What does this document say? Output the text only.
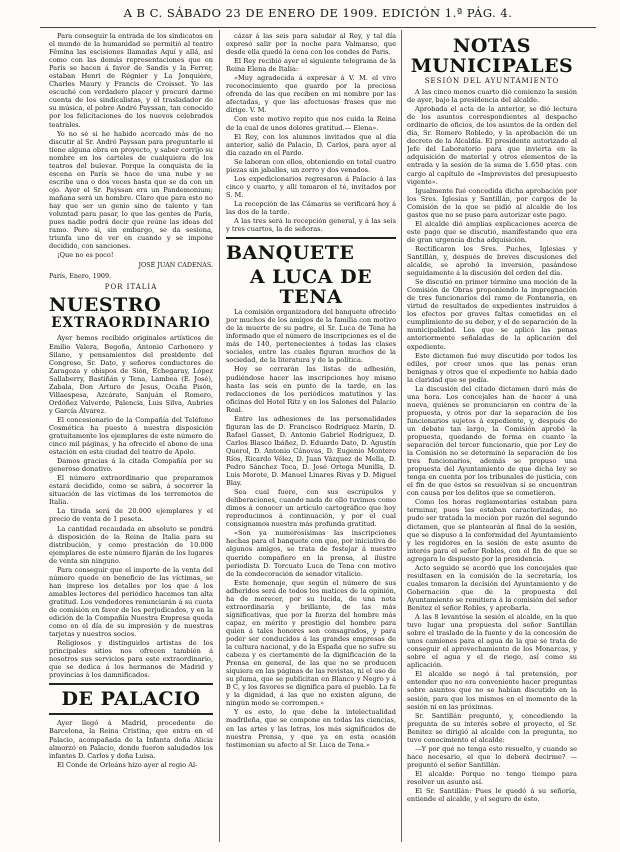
A B C. SÁBADO 23 DE ENERO DE 1909. EDICIÓN 1.ª PÁG. 4.

Para conseguir la entrada de los sindicatos en el mundo de la humanidad se permitió al teatro Fémina las escisiones llamadas Aquí y allá, así como con las demás representaciones que en París se hacen á favor de Sandis y la Ferrer, estaban Henri de Régnier y La Jonquière, Charles Maury y Francis de Croisset. Yo las escuché con verdadero placer y procuré darme cuenta de los sindicalistas, y el trasladador de su música, el pobre André Payssan, tan conocido por los felicitaciones de los nuevos celebrados teatrales.

Yo no sé si he habido acercado más de no discutir al Sr. André Payssan para preguntarle si tiene alguna obra en proyecto, y saber corrijo su nombre en los carteles de cualquiera de los teatros del bulevar. Porque la conquista de la escena en París se hace de una nube y se escribe una o dos veces hasta que se da con un ojo. Ayer el Sr. Payssan era un Pandemonium; mañana será un hombre. Claro que para esto no hay que ser un genio sino de talento y tan voluntad para pasar, lo que las gentes de París, pues nadie podrá decir que reúne las ideas del ramo. Pero si, sin embargo, se da sesiona, triunfa uno de ver en cuando y se impone decidido, con sanciones.

¡Que no es poco!

JOSÉ JUAN CADENAS.
París, Enero, 1909.
POR ITALIA
NUESTRO
EXTRAORDINARIO

Ayer hemos recibido originales artísticos de Emilio Valera, Begoña, Antonio Carbonero y Silano, y pensamientos del presidente del Congreso, Sr. Dato, y señores conductores de Zaragoza y obispos de Sión, Echegaray, López Sallaberry, Bastiñán y Tena, Lambea (E. José), Zabala, Don Arturo de Jesus, Ocaña Pisón, Villaespesa, Azcárate, Sanjuán el Romero, Ordóñez Valverde, Palencia, Luis Silva, Aubries y García Álvarez.

El concesionario de la Compañía del Teléfono Cosmética ha puesto á nuestra disposición gratuitamente los ejemplares de este número de cinco mil páginas, y ha ofrecido el abono de una estación en esta ciudad del teatro de Apolo.

Damos gracias á la citada Compañía por su generoso donativo.

El número extraordinario que preparamos estará decidido, como se sabrá, á socorrer la situación de las víctimas de los terremotos de Italia.

La tirada será de 20.000 ejemplares y el precio de venta de 1 peseta.

La cantidad recaudada en absoluto se pondrá á disposición de la Reina de Italia para su distribución, y como prestación de 10.000 ejemplares de este número fijarán de los lugares de venta sin ninguno.

Para conseguir que el importe de la venta del número quede en beneficio de las víctimas, se han impreso los detalles por los que á los amables lectores del periódico hacemos tan alta gratitud. Los vendedores renunciarán á su cuota de comisión en favor de los perjudicados, y en la edición de la Compañía Nuestra Empresa queda como en el día de su impresión y de nuestras tarjetas y nuestros socios.

Religiosos y distinguidos artistas de los principales sitios nos ofrecen también á nosotros sus servicios para este extraordinario, que se dedica á los hermanos de Madrid y provincias á los damnificados.

DE PALACIO

Ayer llegó á Madrid, procedente de Barcelona, la Reina Cristina, que entra en el Palacio, acompañada de la Infanta doña Alicia almorzó en Palacio, donde fueron saludados los infantes D. Carlos y doña Luisa.

El Conde de Orleáns hizo ayer al regio Al-

cázar á las seis para saludar al Rey, y tal día expresó salir por la noche para Valmanso, que desde ella quedó la cena con los condes de Paris.

El Rey recibió ayer el siguiente telegrama de la Reina Elena de Italia:

«Muy agradecida á expresar á V. M. el vivo reconocimiento que guardo por la preciosa ofrenda de las que reciben en mi nombre por las afectadas, y que las afectuosas frases que me dirige. V. M.

Con este motivo repito que nos cuida la Reina de la cual de unos dolores gratitud.— Elena».

El Rey, con los alumnos invitados que al día anterior, salió de Palacio, D. Carlos, para ayer al día cazado en el Pardo.

Se laboran con ellos, obteniendo en total cuatro piezas sin jabalíes, un zorro y dos venados.

Los expedicionarios regresaron á Palacio á las cinco y cuarto, y allí tomaron el té, invitados por S. M.

La recepción de las Cámaras se verificará hoy á las dos de la tarde.

A las tres será la recepción general, y á las seis y tres cuartos, la de señoras.

BANQUETE
A LUCA DE TENA

La comisión organizadora del banquete ofrecido por muchos de los amigos de la familia con motivo de la muerte de su padre, el Sr. Luca de Tena ha informado que el número de inscripciones es el de más de 140, pertenecientes á todas las clases sociales, entre las cuales figuran muchos de la sociedad, de la literatura y de la política.

Hoy se cerrarán las listas de adhesión, pudiéndose hacer las inscripciones hoy mismo hasta las seis en punto de la tarde, en las redacciones de los periódicos matutinos y las oficinas del Hotel Ritz y en los Salones del Palacio Real.

Entre las adhesiones de las personalidades figuran las de D. Francisco Rodríguez Marín, D. Rafael Gasset, D. Antonio Gabriel Rodríguez, D. Carlos Blasco Ibáñez, D. Eduardo Dato, D. Agustín Querol, D. Antonio Cánovas, D. Eugenio Montero Ríos, Ricardo Vélez, D. Juan Vázquez de Mella, D. Pedro Sánchez Toca, D. José Ortega Munilla, D. Luis Morote, D. Manuel Linares Rivas y D. Miguel Blay.

Sea cual fuere, con sus escrúpulos y deliberaciones, cuando nada de ello tuvimos como dimos á conocer un artículo cartográfico que hoy reproducimos á continuación, y por el cual consignamos nuestra más profunda gratitud.

«Son ya numerosísimas las inscripciones hechas para el banquete con que, por iniciativa de algunos amigos, se trata de festejar á nuestro querido compañero en la prensa, al ilustre periodista D. Torcuato Luca de Tena con motivo de la condecoración de senador vitalicio.

Este homenaje, que según el número de sus adheridos será de todos los matices de la opinión, ha de merecer, por su lucida, de una nota extraordinaria y brillante, de las más significativas, que por la fuerza del hombre más capaz, en mérito y prestigio del hombre para quien á tales honores son consagrados, y para poder ser conducidos á las grandes empresas de la cultura nacional, y de la España que no sufre su cabeza y es ciertamente de la dignificación de la Prensa en general, de las que no se producen siquiera en las páginas de las revistas, ni el uso de su pluma, que se publicitan en Blanco y Negro y á B C, y los favores se dignifica para el pueblo. La fe y la dignidad, á las que no existen alguno, de ningún modo se corrompen.»

Y es esto, lo que debe la intelectualidad madrileña, que se compone en todas las ciencias, en las artes y las letras, los más significados de nuestra Prensa, y que ya en esta ocasión testimonian su afecto al Sr. Luca de Tena.»

NOTAS MUNICIPALES
SESIÓN DEL AYUNTAMIENTO

A las cinco menos cuarto dió comienzo la sesión de ayer, bajo la presidencia del alcalde.

Aprobada el acta de la anterior, se dió lectura de los asuntos correspondientes al despacho ordinario de oficios, de los asuntos de la orden del día, Sr. Romero Robledo, y la aprobación de un decreto de la Alcaldía. El presidente autorizado al Jefe del Laboratorio para que invierta en la adquisición de material y otros elementos de la entrada y la sesión de la suma de 1.650 ptas. con cargo al capítulo de «Imprevistos del presupuesto vigente».

Igualmente fué concedida dicha aprobación por los Sres. Iglesias y Santillán, por cargos de la Comisión de la que se pidió al alcalde de los gastos que no se puso para autorizar este pago.

El alcalde dió amplias explicaciones acerca de este pago que se discutió, manifestando que era de gran urgencia dicha adquisición.

Rectificaron los Sres. Puches, Iglesias y Santillán, y, después de breves discusiones del alcalde, se aprobó la inversión, pasándose seguidamente á la discusión del orden del día.

Se discutió en primer término una moción de la Comisión de Obras proponiendo la impregnación de tres funcionarios del ramo de Fontanería, en virtud de resultados de expedientes instruidos á los efectos por graves faltas cometidas en el cumplimiento de su deber, y el de separación de la municipalidad. Los que se aplicó las penas anteriormente señaladas de la aplicación del expediente.

Este dictamen fué muy discutido por todos los ediles, por creer unos que las penas eran benignas y otros que el expediente no había dado la claridad que se pedía.

La discusión del citado dictamen duró más de una hora. Los concejales han de hacer á una nueva, quiénes se pronunciaron en contra de la propuesta, y otros por dar la separación de los funcionarios sujetos á expediente, y, después de un debate tan largo, la Comisión aprobó la propuesta, quedando de forma en cuanto la separación del tercer funcionario, que por Ley de la Comisión no se determinó la separación de los tres funcionarios, además se propuso una propuesta del Ayuntamiento de que dicha ley se tenga en cuenta por los tribunales de justicia, con el fin de que éstos se resuelvan si se encuentran con causa por los delitos que se cometieron.

Como los horas reglamentarias estaban para terminar, pues las estaban caracterizadas, no pudo ser tratada la moción por razón del segundo dictamen, que se plantearán al final de la sesión, que se dispuso á la conformidad del Ayuntamiento y les regidores en la sesión de este asunto de interés para el señor Robles, con el fin de que se agregara lo dispuesto por la presidencia.

Acto seguido se acordó que los concejales que resultasen en la comisión de la secretaría, los cuales tomaron la decisión del Ayuntamiento y de Gobernación que de la propuesta del Ayuntamiento se remitiera á la comisión del señor Benitez el señor Robles, y aprobarla.

A las 8 levantóse la sesión el alcalde, en la que tuvo lugar una propuesta del señor Santillán sobre el traslado de la fuente y de la concesión de unos camiones para el agua de la que se trata de conseguir el aprovechamiento de los Monarcas, y sobre el agua y el de riego, así como su aplicación.

El alcalde se negó á tal pretensión, por entender que no era conveniente hacer preguntas sobre asuntos que no se habían discutido en la sesión, para que los mismos en el momento de la sesión ni en las próximas.

Sr. Santillán preguntó, y, concediendo la pregunta de su interés sobre el proyecto, el Sr. Benitez se dirigió al alcalde con la pregunta, no tuvo conocimiento el alcalde:

—Y por qué no tenga esto resuelto, y cuando se hace necesario, el que lo deberá decirme? —preguntó el señor Santillán.

El alcalde: Porque no tengo tiempo para resolver un asunto así.

El Sr. Santillán: Pues le quedó á su señoría, entiende el alcalde, y el seguro de ésto.
